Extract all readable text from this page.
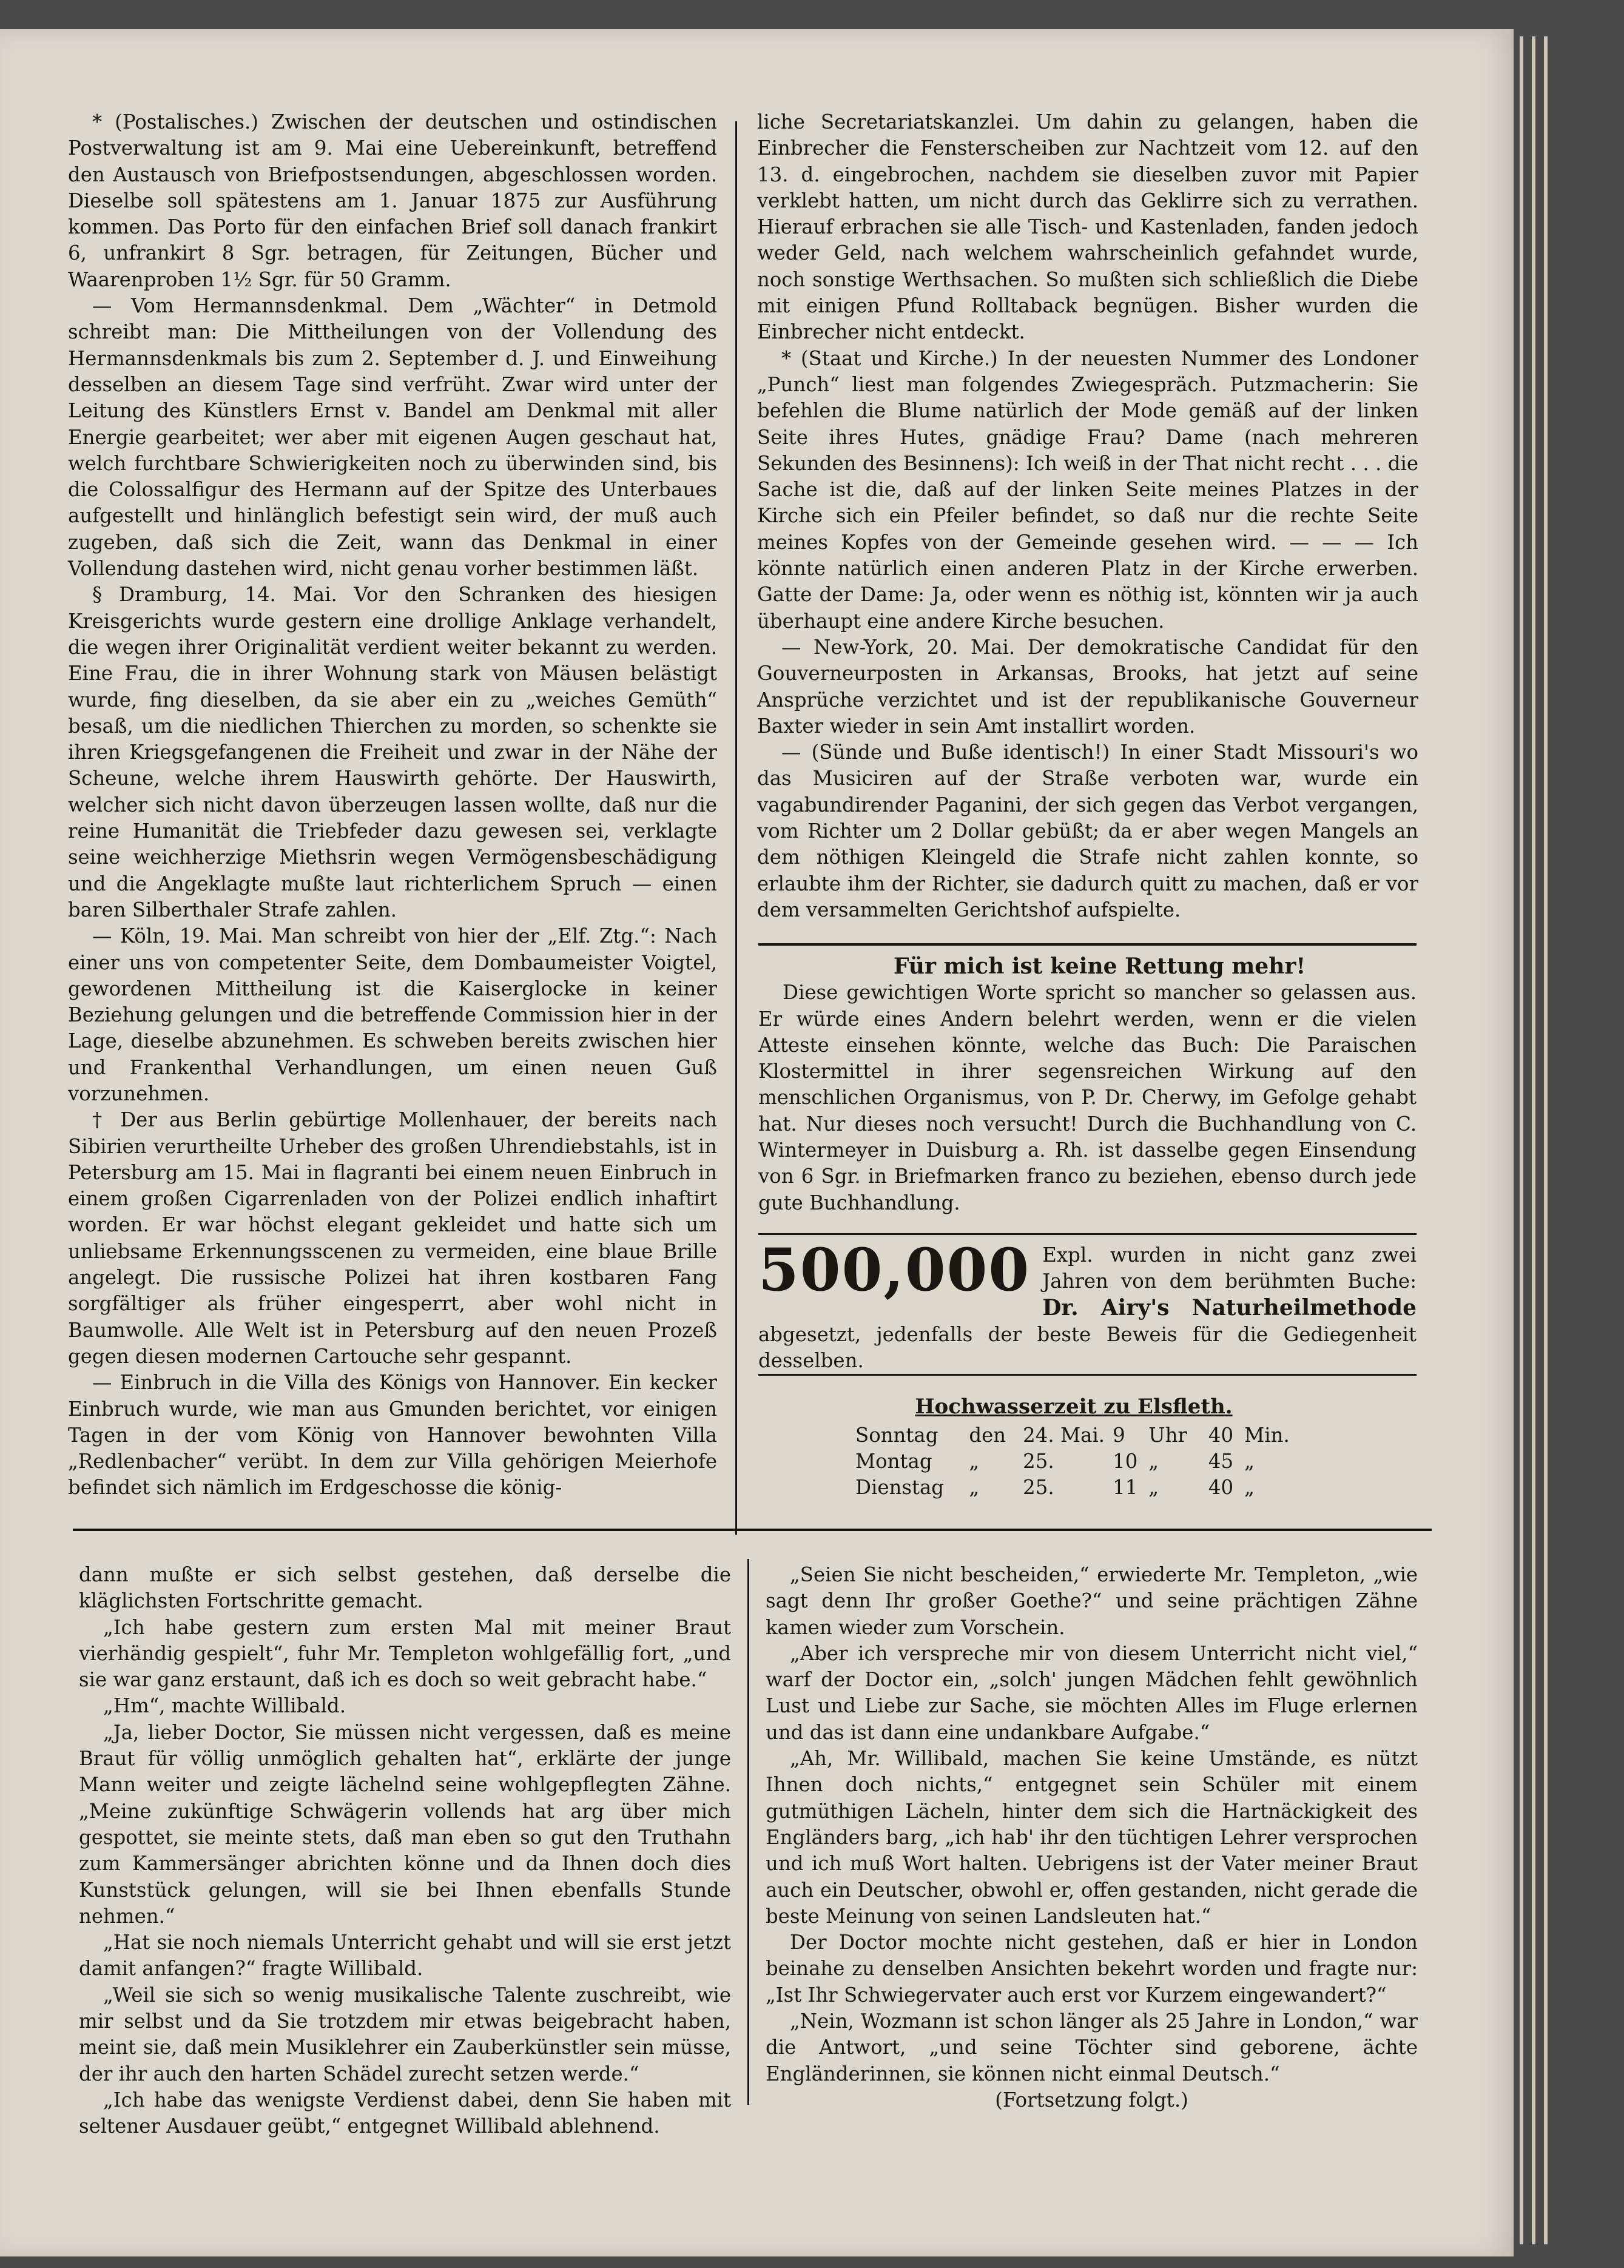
* (Postalisches.) Zwischen der deutschen und ostindischen Postverwaltung ist am 9. Mai eine Uebereinkunft, betreffend den Austausch von Briefpostsendungen, abgeschlossen worden. Dieselbe soll spätestens am 1. Januar 1875 zur Ausführung kommen. Das Porto für den einfachen Brief soll danach frankirt 6, unfrankirt 8 Sgr. betragen, für Zeitungen, Bücher und Waarenproben 1½ Sgr. für 50 Gramm.

— Vom Hermannsdenkmal. Dem „Wächter“ in Detmold schreibt man: Die Mittheilungen von der Vollendung des Hermannsdenkmals bis zum 2. September d. J. und Einweihung desselben an diesem Tage sind verfrüht. Zwar wird unter der Leitung des Künstlers Ernst v. Bandel am Denkmal mit aller Energie gearbeitet; wer aber mit eigenen Augen geschaut hat, welch furchtbare Schwierigkeiten noch zu überwinden sind, bis die Colossalfigur des Hermann auf der Spitze des Unterbaues aufgestellt und hinlänglich befestigt sein wird, der muß auch zugeben, daß sich die Zeit, wann das Denkmal in einer Vollendung dastehen wird, nicht genau vorher bestimmen läßt.

§ Dramburg, 14. Mai. Vor den Schranken des hiesigen Kreisgerichts wurde gestern eine drollige Anklage verhandelt, die wegen ihrer Originalität verdient weiter bekannt zu werden. Eine Frau, die in ihrer Wohnung stark von Mäusen belästigt wurde, fing dieselben, da sie aber ein zu „weiches Gemüth“ besaß, um die niedlichen Thierchen zu morden, so schenkte sie ihren Kriegsgefangenen die Freiheit und zwar in der Nähe der Scheune, welche ihrem Hauswirth gehörte. Der Hauswirth, welcher sich nicht davon überzeugen lassen wollte, daß nur die reine Humanität die Triebfeder dazu gewesen sei, verklagte seine weichherzige Miethsrin wegen Vermögensbeschädigung und die Angeklagte mußte laut richterlichem Spruch — einen baren Silberthaler Strafe zahlen.

— Köln, 19. Mai. Man schreibt von hier der „Elf. Ztg.“: Nach einer uns von competenter Seite, dem Dombaumeister Voigtel, gewordenen Mittheilung ist die Kaiserglocke in keiner Beziehung gelungen und die betreffende Commission hier in der Lage, dieselbe abzunehmen. Es schweben bereits zwischen hier und Frankenthal Verhandlungen, um einen neuen Guß vorzunehmen.

† Der aus Berlin gebürtige Mollenhauer, der bereits nach Sibirien verurtheilte Urheber des großen Uhrendiebstahls, ist in Petersburg am 15. Mai in flagranti bei einem neuen Einbruch in einem großen Cigarrenladen von der Polizei endlich inhaftirt worden. Er war höchst elegant gekleidet und hatte sich um unliebsame Erkennungsscenen zu vermeiden, eine blaue Brille angelegt. Die russische Polizei hat ihren kostbaren Fang sorgfältiger als früher eingesperrt, aber wohl nicht in Baumwolle. Alle Welt ist in Petersburg auf den neuen Prozeß gegen diesen modernen Cartouche sehr gespannt.

— Einbruch in die Villa des Königs von Hannover. Ein kecker Einbruch wurde, wie man aus Gmunden berichtet, vor einigen Tagen in der vom König von Hannover bewohnten Villa „Redlenbacher“ verübt. In dem zur Villa gehörigen Meierhofe befindet sich nämlich im Erdgeschosse die könig-

liche Secretariatskanzlei. Um dahin zu gelangen, haben die Einbrecher die Fensterscheiben zur Nachtzeit vom 12. auf den 13. d. eingebrochen, nachdem sie dieselben zuvor mit Papier verklebt hatten, um nicht durch das Geklirre sich zu verrathen. Hierauf erbrachen sie alle Tisch- und Kastenladen, fanden jedoch weder Geld, nach welchem wahrscheinlich gefahndet wurde, noch sonstige Werthsachen. So mußten sich schließlich die Diebe mit einigen Pfund Rolltaback begnügen. Bisher wurden die Einbrecher nicht entdeckt.

* (Staat und Kirche.) In der neuesten Nummer des Londoner „Punch“ liest man folgendes Zwiegespräch. Putzmacherin: Sie befehlen die Blume natürlich der Mode gemäß auf der linken Seite ihres Hutes, gnädige Frau? Dame (nach mehreren Sekunden des Besinnens): Ich weiß in der That nicht recht . . . die Sache ist die, daß auf der linken Seite meines Platzes in der Kirche sich ein Pfeiler befindet, so daß nur die rechte Seite meines Kopfes von der Gemeinde gesehen wird. — — — Ich könnte natürlich einen anderen Platz in der Kirche erwerben. Gatte der Dame: Ja, oder wenn es nöthig ist, könnten wir ja auch überhaupt eine andere Kirche besuchen.

— New-York, 20. Mai. Der demokratische Candidat für den Gouverneurposten in Arkansas, Brooks, hat jetzt auf seine Ansprüche verzichtet und ist der republikanische Gouverneur Baxter wieder in sein Amt installirt worden.

— (Sünde und Buße identisch!) In einer Stadt Missouri's wo das Musiciren auf der Straße verboten war, wurde ein vagabundirender Paganini, der sich gegen das Verbot vergangen, vom Richter um 2 Dollar gebüßt; da er aber wegen Mangels an dem nöthigen Kleingeld die Strafe nicht zahlen konnte, so erlaubte ihm der Richter, sie dadurch quitt zu machen, daß er vor dem versammelten Gerichtshof aufspielte.

Für mich ist keine Rettung mehr!

Diese gewichtigen Worte spricht so mancher so gelassen aus. Er würde eines Andern belehrt werden, wenn er die vielen Atteste einsehen könnte, welche das Buch: Die Paraischen Klostermittel in ihrer segensreichen Wirkung auf den menschlichen Organismus, von P. Dr. Cherwy, im Gefolge gehabt hat. Nur dieses noch versucht! Durch die Buchhandlung von C. Wintermeyer in Duisburg a. Rh. ist dasselbe gegen Einsendung von 6 Sgr. in Briefmarken franco zu beziehen, ebenso durch jede gute Buchhandlung.

500,000 Expl. wurden in nicht ganz zwei Jahren von dem berühmten Buche: Dr. Airy's Naturheilmethode abgesetzt, jedenfalls der beste Beweis für die Gediegenheit desselben.
Hochwasserzeit zu Elsfleth.
Sonntag	den 24. Mai. 9	Uhr	40 Min.
Montag	„	25.	10 „	45 „
Dienstag	„	25.	11 „	40 „

dann mußte er sich selbst gestehen, daß derselbe die kläglichsten Fortschritte gemacht.

„Ich habe gestern zum ersten Mal mit meiner Braut vierhändig gespielt“, fuhr Mr. Templeton wohlgefällig fort, „und sie war ganz erstaunt, daß ich es doch so weit gebracht habe.“

„Hm“, machte Willibald.

„Ja, lieber Doctor, Sie müssen nicht vergessen, daß es meine Braut für völlig unmöglich gehalten hat“, erklärte der junge Mann weiter und zeigte lächelnd seine wohlgepflegten Zähne. „Meine zukünftige Schwägerin vollends hat arg über mich gespottet, sie meinte stets, daß man eben so gut den Truthahn zum Kammersänger abrichten könne und da Ihnen doch dies Kunststück gelungen, will sie bei Ihnen ebenfalls Stunde nehmen.“

„Hat sie noch niemals Unterricht gehabt und will sie erst jetzt damit anfangen?“ fragte Willibald.

„Weil sie sich so wenig musikalische Talente zuschreibt, wie mir selbst und da Sie trotzdem mir etwas beigebracht haben, meint sie, daß mein Musiklehrer ein Zauberkünstler sein müsse, der ihr auch den harten Schädel zurecht setzen werde.“

„Ich habe das wenigste Verdienst dabei, denn Sie haben mit seltener Ausdauer geübt,“ entgegnet Willibald ablehnend.

„Seien Sie nicht bescheiden,“ erwiederte Mr. Templeton, „wie sagt denn Ihr großer Goethe?“ und seine prächtigen Zähne kamen wieder zum Vorschein.

„Aber ich verspreche mir von diesem Unterricht nicht viel,“ warf der Doctor ein, „solch' jungen Mädchen fehlt gewöhnlich Lust und Liebe zur Sache, sie möchten Alles im Fluge erlernen und das ist dann eine undankbare Aufgabe.“

„Ah, Mr. Willibald, machen Sie keine Umstände, es nützt Ihnen doch nichts,“ entgegnet sein Schüler mit einem gutmüthigen Lächeln, hinter dem sich die Hartnäckigkeit des Engländers barg, „ich hab' ihr den tüchtigen Lehrer versprochen und ich muß Wort halten. Uebrigens ist der Vater meiner Braut auch ein Deutscher, obwohl er, offen gestanden, nicht gerade die beste Meinung von seinen Landsleuten hat.“

Der Doctor mochte nicht gestehen, daß er hier in London beinahe zu denselben Ansichten bekehrt worden und fragte nur: „Ist Ihr Schwiegervater auch erst vor Kurzem eingewandert?“

„Nein, Wozmann ist schon länger als 25 Jahre in London,“ war die Antwort, „und seine Töchter sind geborene, ächte Engländerinnen, sie können nicht einmal Deutsch.“

(Fortsetzung folgt.)
